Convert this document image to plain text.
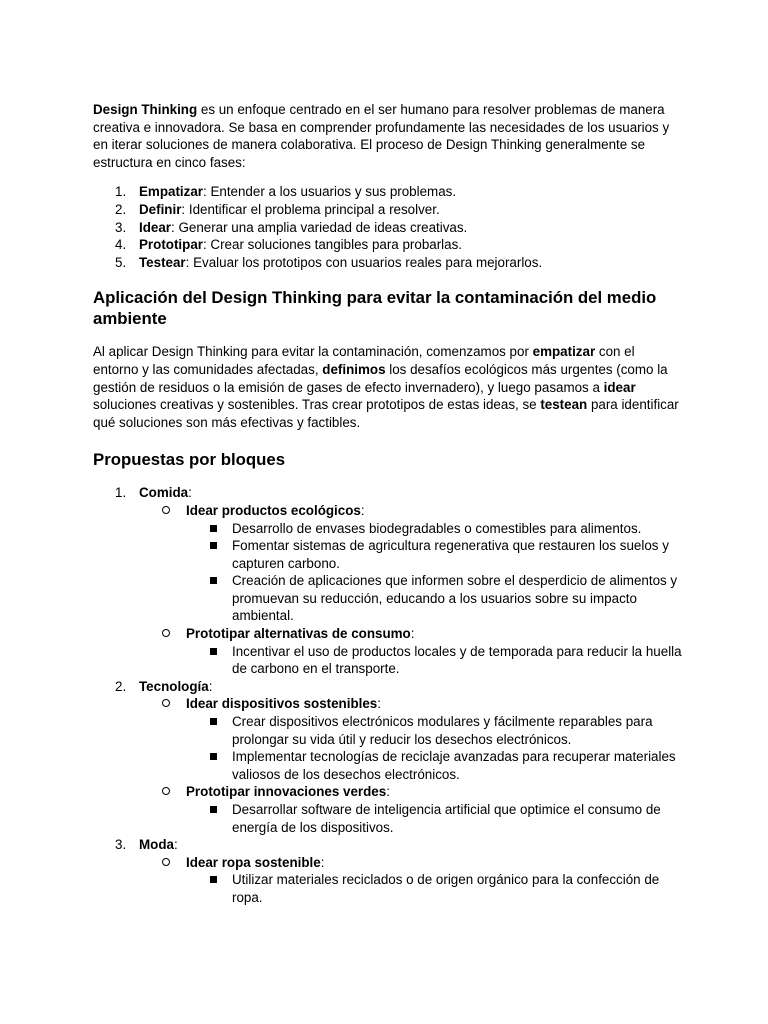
Design Thinking es un enfoque centrado en el ser humano para resolver problemas de manera creativa e innovadora. Se basa en comprender profundamente las necesidades de los usuarios y en iterar soluciones de manera colaborativa. El proceso de Design Thinking generalmente se estructura en cinco fases:

1. Empatizar: Entender a los usuarios y sus problemas.
2. Definir: Identificar el problema principal a resolver.
3. Idear: Generar una amplia variedad de ideas creativas.
4. Prototipar: Crear soluciones tangibles para probarlas.
5. Testear: Evaluar los prototipos con usuarios reales para mejorarlos.
Aplicación del Design Thinking para evitar la contaminación del medio ambiente

Al aplicar Design Thinking para evitar la contaminación, comenzamos por empatizar con el entorno y las comunidades afectadas, definimos los desafíos ecológicos más urgentes (como la gestión de residuos o la emisión de gases de efecto invernadero), y luego pasamos a idear soluciones creativas y sostenibles. Tras crear prototipos de estas ideas, se testean para identificar qué soluciones son más efectivas y factibles.

Propuestas por bloques
1. Comida:
Idear productos ecológicos:
Desarrollo de envases biodegradables o comestibles para alimentos.
Fomentar sistemas de agricultura regenerativa que restauren los suelos y capturen carbono.
Creación de aplicaciones que informen sobre el desperdicio de alimentos y promuevan su reducción, educando a los usuarios sobre su impacto ambiental.
Prototipar alternativas de consumo:
Incentivar el uso de productos locales y de temporada para reducir la huella de carbono en el transporte.
2. Tecnología:
Idear dispositivos sostenibles:
Crear dispositivos electrónicos modulares y fácilmente reparables para prolongar su vida útil y reducir los desechos electrónicos.
Implementar tecnologías de reciclaje avanzadas para recuperar materiales valiosos de los desechos electrónicos.
Prototipar innovaciones verdes:
Desarrollar software de inteligencia artificial que optimice el consumo de energía de los dispositivos.
3. Moda:
Idear ropa sostenible:
Utilizar materiales reciclados o de origen orgánico para la confección de ropa.
